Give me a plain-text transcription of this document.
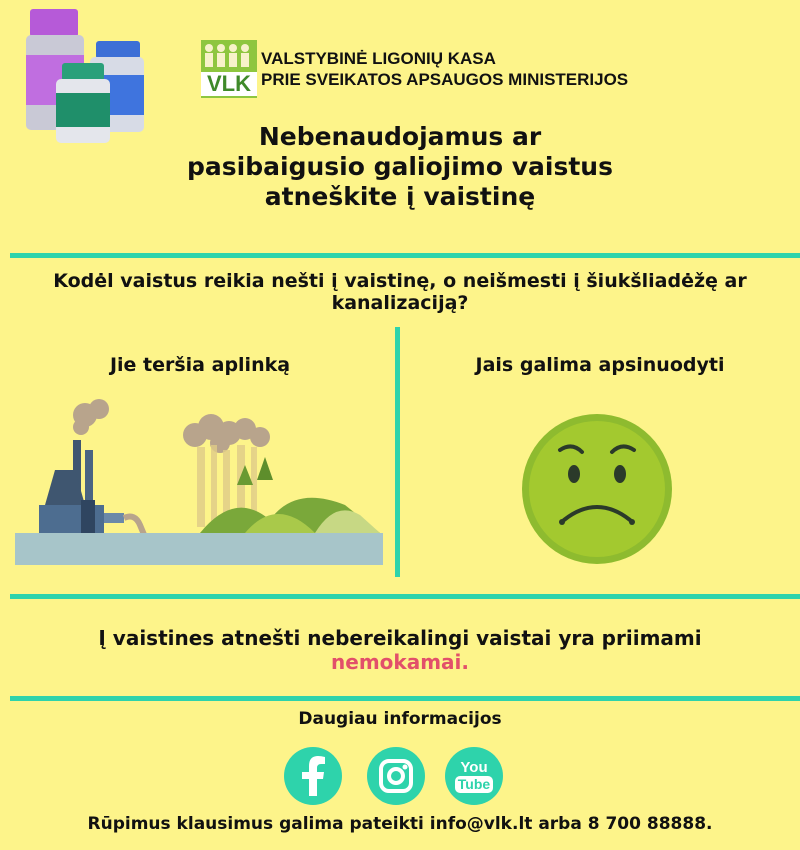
VLK
VALSTYBINĖ LIGONIŲ KASA
PRIE SVEIKATOS APSAUGOS MINISTERIJOS
Nebenaudojamus ar
pasibaigusio galiojimo vaistus
atneškite į vaistinę
Kodėl vaistus reikia nešti į vaistinę, o neišmesti į šiukšliadėžę ar kanalizaciją?
Jie teršia aplinką	Jais galima apsinuodyti
Į vaistines atnešti nebereikalingi vaistai yra priimami
nemokamai.
Daugiau informacijos
You
Tube
Rūpimus klausimus galima pateikti info@vlk.lt arba 8 700 88888.
